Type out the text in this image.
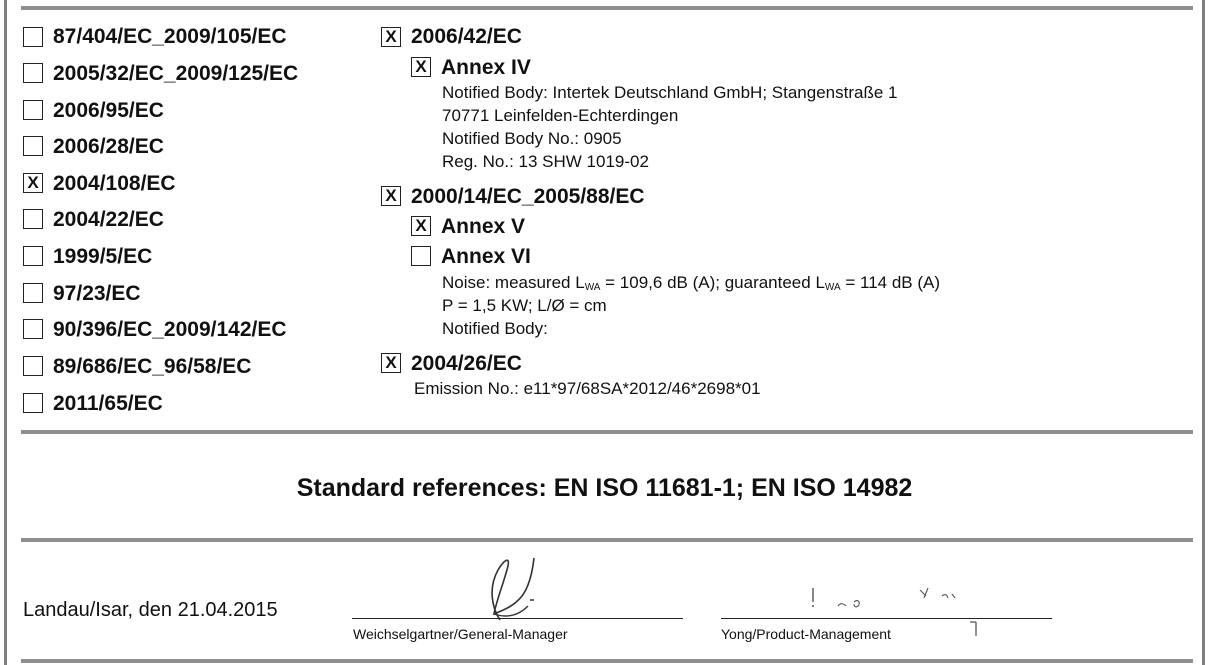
87/404/EC_2009/105/EC
2005/32/EC_2009/125/EC
2006/95/EC
2006/28/EC
X 2004/108/EC
2004/22/EC
1999/5/EC
97/23/EC
90/396/EC_2009/142/EC
89/686/EC_96/58/EC
2011/65/EC
X 2006/42/EC
X Annex IV
Notified Body: Intertek Deutschland GmbH; Stangenstraße 1
70771 Leinfelden-Echterdingen
Notified Body No.: 0905
Reg. No.: 13 SHW 1019-02
X 2000/14/EC_2005/88/EC
X Annex V
Annex VI
Noise: measured $L_{WA} = 109,6$ dB (A); guaranteed $L_{WA} = 114$ dB (A)
P = 1,5 KW; L/Ø = cm
Notified Body:
X 2004/26/EC
Emission No.: e11*97/68SA*2012/46*2698*01
Standard references: EN ISO 11681-1; EN ISO 14982
Landau/Isar, den 21.04.2015
Weichselgartner/General-Manager	Yong/Product-Management
